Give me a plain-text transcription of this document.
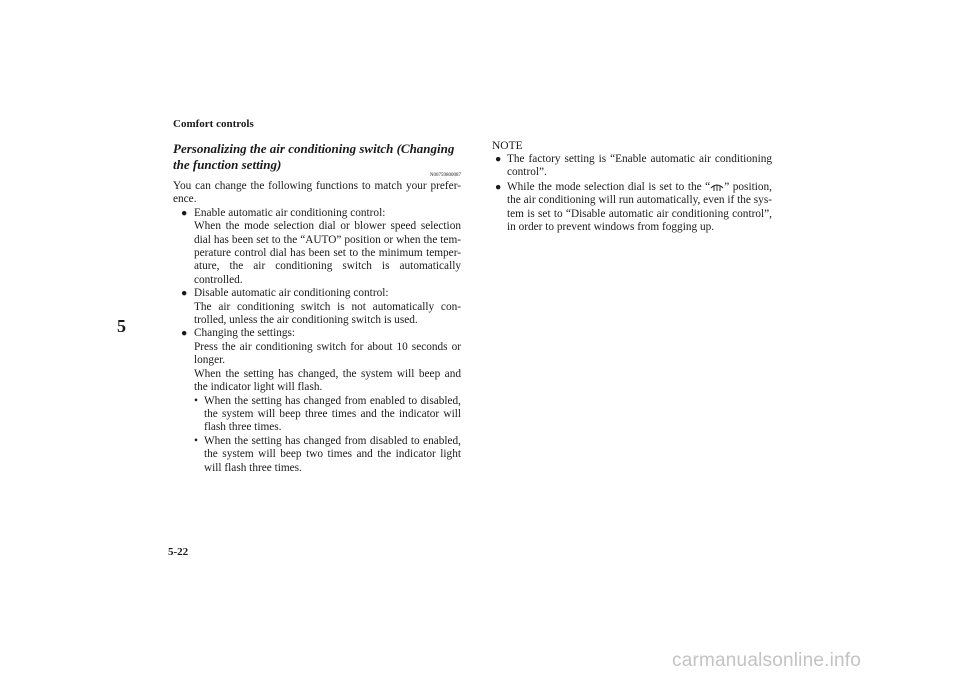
Comfort controls
5
5-22
carmanualsonline.info
Personalizing the air conditioning switch (Changing the function setting)
N00759800087

You can change the following functions to match your prefer-ence.

● Enable automatic air conditioning control:
When the mode selection dial or blower speed selection dial has been set to the “AUTO” position or when the tem-perature control dial has been set to the minimum temper-ature, the air conditioning switch is automatically controlled.
● Disable automatic air conditioning control:
The air conditioning switch is not automatically con-trolled, unless the air conditioning switch is used.
● Changing the settings:
Press the air conditioning switch for about 10 seconds or longer.
When the setting has changed, the system will beep and the indicator light will flash.
• When the setting has changed from enabled to disabled, the system will beep three times and the indicator will flash three times.
• When the setting has changed from disabled to enabled, the system will beep two times and the indicator light will flash three times.
NOTE
● The factory setting is “Enable automatic air conditioning control”.
● While the mode selection dial is set to the “ ” position, the air conditioning will run automatically, even if the sys-tem is set to “Disable automatic air conditioning control”, in order to prevent windows from fogging up.
